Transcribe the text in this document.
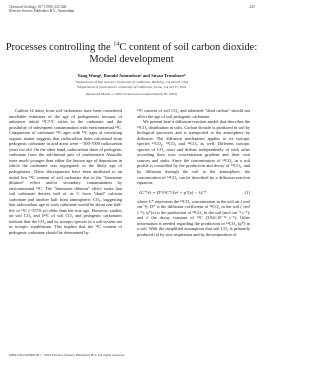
Chemical Geology, 107 (1993) 225-226
Elsevier Science Publishers B.V., Amsterdam
225
Processes controlling the $^{14}$C content of soil carbon dioxide:
Model development
Yang Wangᵃ, Ronald Amundsonᵃ and Susan Trumboreᵇ
ᵃDepartment of Soil Science, University of California, Berkeley, CA 94720, USA
ᵇDepartment of Geosciences, University of California, Irvine, CA 92717, USA
(Received March 1, 1993; revised and accepted March 30, 1993)

Carbon-14 dates from soil carbonates have been considered unreliable estimates of the age of pedogenesis because of unknown initial ¹⁴C/¹²C ratios in the carbonate and the possibility of subsequent contamination with environmental ¹⁴C. Comparison of carbonate ¹⁴C ages with ¹⁴C ages of coexisting organic matter suggests that radiocarbon dates calculated from pedogenic carbonate in arid areas were ~ 500-7000 radiocarbon years too old. On the other hand, radiocarbon dates of pedogenic carbonate from the sub-humid part of southeastern Australia were much younger than either the known age of deposition in which the carbonate was segregated, or the likely age of pedogenesis. These discrepancies have been attributed to an initial low ¹⁴C content of soil carbonate due to the "limestone dilution" effect and/or secondary contamination by environmental ¹⁴C. The "limestone dilution" effect states that soil carbonate derives half of its C from "dead" calcium carbonate and another half from atmospheric CO₂, suggesting that radiocarbon age of such carbonate would be about one half-life of ¹⁴C (~5570 yr) older than the true age. However, studies on soil CO₂ and δ¹³C of soil CO₂ and pedogenic carbonates indicate that the CO₂ and its isotopic species in a soil system are in isotopic equilibrium. This implies that the ¹⁴C content of pedogenic carbonate should be determined by

¹⁴C content of soil CO₂ and inherited "dead carbon" should not affect the age of soil pedogenic carbonate.

We present here a diffusion-reaction model that describes the ¹⁴CO₂ distribution in soils. Carbon dioxide is produced in soil by biological processes and is transported to the atmosphere by diffusion. The diffusion mechanism applies to its isotopic species ¹²CO₂, ¹³CO₂ and ¹⁴CO₂ as well. Different isotopic species of CO₂ react and diffuse independently of each other according their own concentration gradient and their own sources and sinks. Since the concentration of ¹⁴CO₂ in a soil profile is controlled by the production and decay of ¹⁴CO₂, and by diffusion through the soil to the atmosphere, the concentration of ¹⁴CO₂ can be described by a diffusion-reaction equation:

∂C*/∂t = D*∂²C*/∂z² + φ*(z) − λC*	(1)

where C* represents the ¹⁴CO₂ concentration in the soil air ( mol cm⁻³); D* is the diffusion coefficient of ¹⁴CO₂ in the soil ( cm² s⁻¹); φ*(z) is the production of ¹⁴CO₂ in the soil (mol cm⁻³ s⁻¹); and λ the decay constant of ¹⁴C (3.84×10⁻¹² s⁻¹). Other information is needed regarding the production of ¹⁴CO₂ (φ*) in a soil. With the simplified assumption that soil CO₂ is primarily produced (a) by root respiration and by decomposition of

0009-2541/93/$06.00 © 1993 Elsevier Science Publishers B.V. All rights reserved.
